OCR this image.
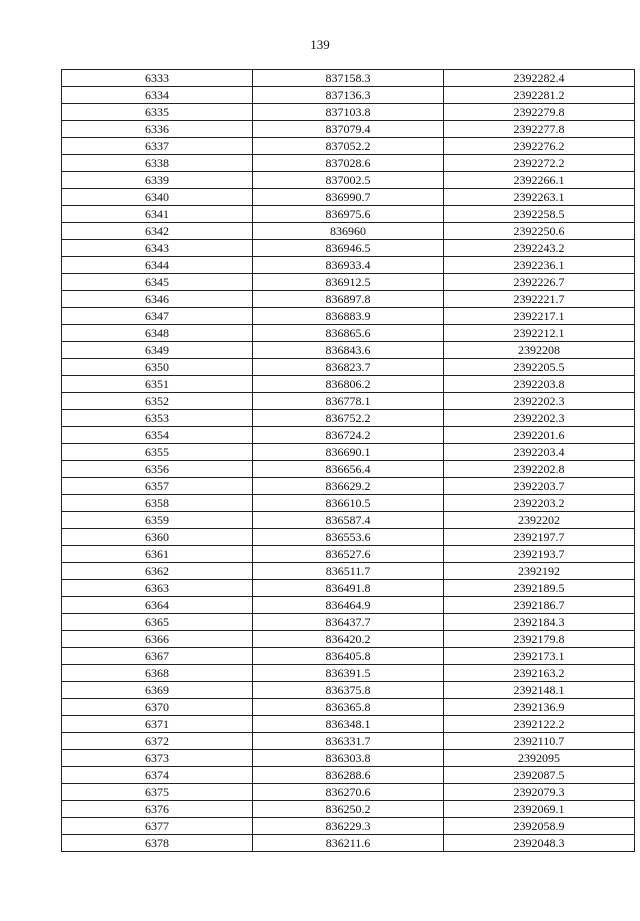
139
6333	837158.3	2392282.4
6334	837136.3	2392281.2
6335	837103.8	2392279.8
6336	837079.4	2392277.8
6337	837052.2	2392276.2
6338	837028.6	2392272.2
6339	837002.5	2392266.1
6340	836990.7	2392263.1
6341	836975.6	2392258.5
6342	836960	2392250.6
6343	836946.5	2392243.2
6344	836933.4	2392236.1
6345	836912.5	2392226.7
6346	836897.8	2392221.7
6347	836883.9	2392217.1
6348	836865.6	2392212.1
6349	836843.6	2392208
6350	836823.7	2392205.5
6351	836806.2	2392203.8
6352	836778.1	2392202.3
6353	836752.2	2392202.3
6354	836724.2	2392201.6
6355	836690.1	2392203.4
6356	836656.4	2392202.8
6357	836629.2	2392203.7
6358	836610.5	2392203.2
6359	836587.4	2392202
6360	836553.6	2392197.7
6361	836527.6	2392193.7
6362	836511.7	2392192
6363	836491.8	2392189.5
6364	836464.9	2392186.7
6365	836437.7	2392184.3
6366	836420.2	2392179.8
6367	836405.8	2392173.1
6368	836391.5	2392163.2
6369	836375.8	2392148.1
6370	836365.8	2392136.9
6371	836348.1	2392122.2
6372	836331.7	2392110.7
6373	836303.8	2392095
6374	836288.6	2392087.5
6375	836270.6	2392079.3
6376	836250.2	2392069.1
6377	836229.3	2392058.9
6378	836211.6	2392048.3
